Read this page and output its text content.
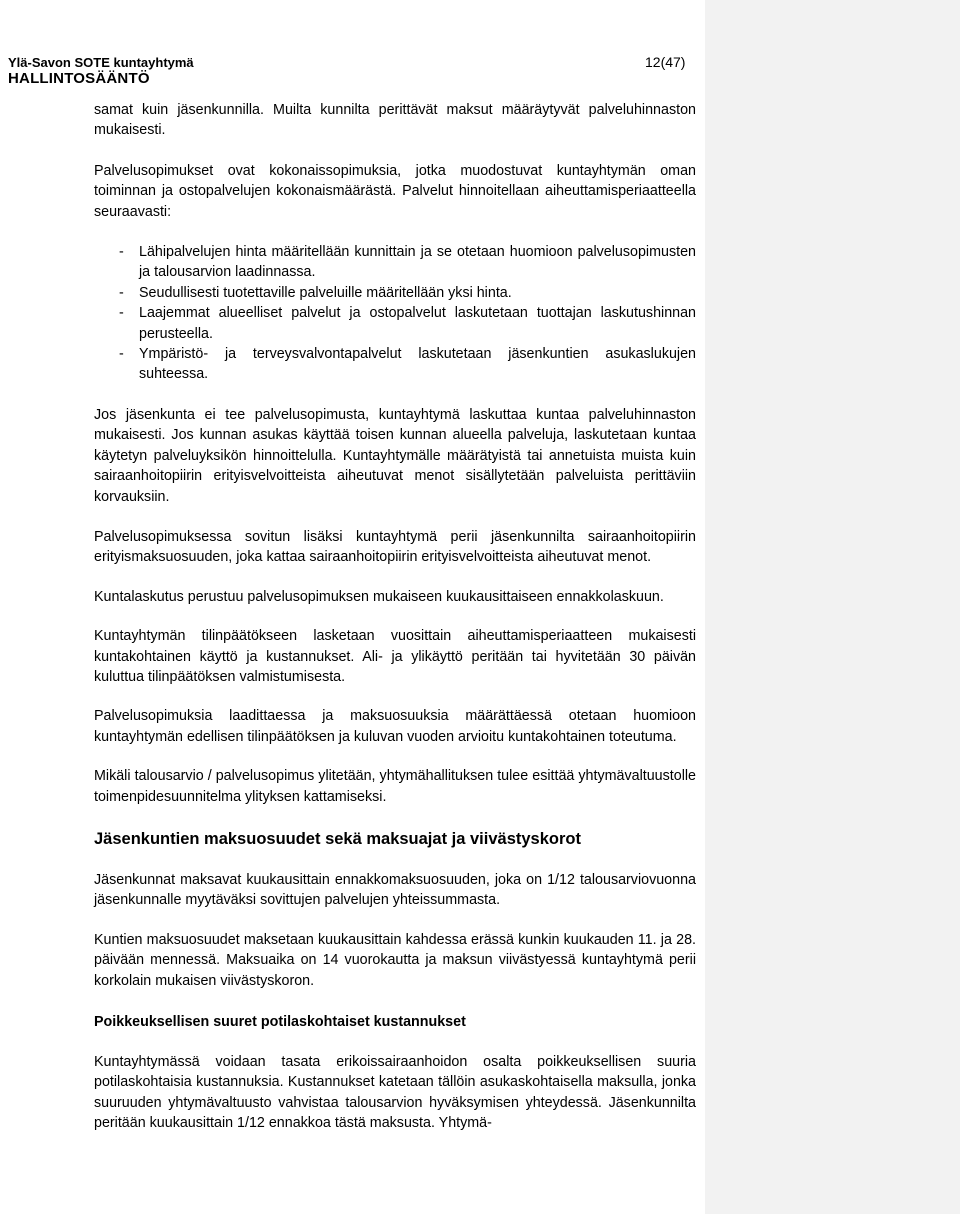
Ylä-Savon SOTE kuntayhtymä
HALLINTOSÄÄNTÖ
12(47)

samat kuin jäsenkunnilla. Muilta kunnilta perittävät maksut määräytyvät palveluhinnaston mukaisesti.

Palvelusopimukset ovat kokonaissopimuksia, jotka muodostuvat kuntayhtymän oman toiminnan ja ostopalvelujen kokonaismäärästä. Palvelut hinnoitellaan aiheuttamisperiaatteella seuraavasti:

- Lähipalvelujen hinta määritellään kunnittain ja se otetaan huomioon palvelusopimusten ja talousarvion laadinnassa.
- Seudullisesti tuotettaville palveluille määritellään yksi hinta.
- Laajemmat alueelliset palvelut ja ostopalvelut laskutetaan tuottajan laskutushinnan perusteella.
- Ympäristö- ja terveysvalvontapalvelut laskutetaan jäsenkuntien asukaslukujen suhteessa.

Jos jäsenkunta ei tee palvelusopimusta, kuntayhtymä laskuttaa kuntaa palveluhinnaston mukaisesti. Jos kunnan asukas käyttää toisen kunnan alueella palveluja, laskutetaan kuntaa käytetyn palveluyksikön hinnoittelulla. Kuntayhtymälle määrätyistä tai annetuista muista kuin sairaanhoitopiirin erityisvelvoitteista aiheutuvat menot sisällytetään palveluista perittäviin korvauksiin.

Palvelusopimuksessa sovitun lisäksi kuntayhtymä perii jäsenkunnilta sairaanhoitopiirin erityismaksuosuuden, joka kattaa sairaanhoitopiirin erityisvelvoitteista aiheutuvat menot.

Kuntalaskutus perustuu palvelusopimuksen mukaiseen kuukausittaiseen ennakkolaskuun.

Kuntayhtymän tilinpäätökseen lasketaan vuosittain aiheuttamisperiaatteen mukaisesti kuntakohtainen käyttö ja kustannukset. Ali- ja ylikäyttö peritään tai hyvitetään 30 päivän kuluttua tilinpäätöksen valmistumisesta.

Palvelusopimuksia laadittaessa ja maksuosuuksia määrättäessä otetaan huomioon kuntayhtymän edellisen tilinpäätöksen ja kuluvan vuoden arvioitu kuntakohtainen toteutuma.

Mikäli talousarvio / palvelusopimus ylitetään, yhtymähallituksen tulee esittää yhtymävaltuustolle toimenpidesuunnitelma ylityksen kattamiseksi.

Jäsenkuntien maksuosuudet sekä maksuajat ja viivästyskorot

Jäsenkunnat maksavat kuukausittain ennakkomaksuosuuden, joka on 1/12 talousarviovuonna jäsenkunnalle myytäväksi sovittujen palvelujen yhteissummasta.

Kuntien maksuosuudet maksetaan kuukausittain kahdessa erässä kunkin kuukauden 11. ja 28. päivään mennessä. Maksuaika on 14 vuorokautta ja maksun viivästyessä kuntayhtymä perii korkolain mukaisen viivästyskoron.

Poikkeuksellisen suuret potilaskohtaiset kustannukset

Kuntayhtymässä voidaan tasata erikoissairaanhoidon osalta poikkeuksellisen suuria potilaskohtaisia kustannuksia. Kustannukset katetaan tällöin asukaskohtaisella maksulla, jonka suuruuden yhtymävaltuusto vahvistaa talousarvion hyväksymisen yhteydessä. Jäsenkunnilta peritään kuukausittain 1/12 ennakkoa tästä maksusta. Yhtymä-
